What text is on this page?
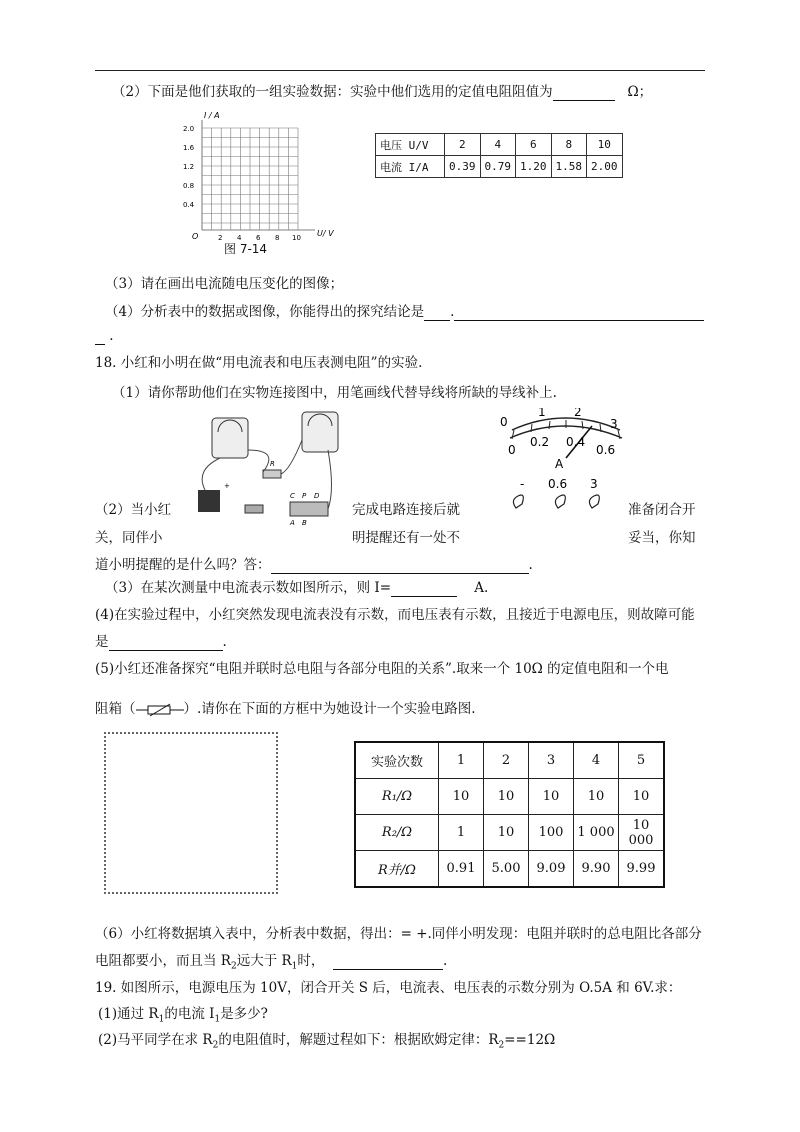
（2）下面是他们获取的一组实验数据：实验中他们选用的定值电阻阻值为	Ω；
I / A
U/ V
O
2.0
1.6
1.2
0.8
0.4
2 4 6 8 10
图 7-14
电压 U/V	2	4	6	8	10
电流 I/A	0.39	0.79	1.20	1.58	2.00
（3）请在画出电流随电压变化的图像；
（4）分析表中的数据或图像，你能得出的探究结论是 .
.
18. 小红和小明在做“用电流表和电压表测电阻”的实验.
（1）请你帮助他们在实物连接图中，用笔画线代替导线将所缺的导线补上.
R
C P D
A B
+
0
1 2
3
0
0.2 0.4
0.6
A
- 0.6 3
（2）当小红	完成电路连接后就	准备闭合开
关，同伴小	明提醒还有一处不	妥当，你知
道小明提醒的是什么吗？答：	.
（3）在某次测量中电流表示数如图所示，则 I=	A.
(4)在实验过程中，小红突然发现电流表没有示数，而电压表有示数，且接近于电源电压，则故障可能
是	.
(5)小红还准备探究“电阻并联时总电阻与各部分电阻的关系”.取来一个 10Ω 的定值电阻和一个电
阻箱（	）.请你在下面的方框中为她设计一个实验电路图.
实验次数	1	2	3	4	5
R₁/Ω	10	10	10	10	10
R₂/Ω	1	10	100	1 000	10 000
R并/Ω	0.91	5.00	9.09	9.90	9.99
（6）小红将数据填入表中，分析表中数据，得出：= +.同伴小明发现：电阻并联时的总电阻比各部分
电阻都要小，而且当 $R_2$远大于 $R_1$时，	.
19. 如图所示，电源电压为 10V，闭合开关 S 后，电流表、电压表的示数分别为 O.5A 和 6V.求：
(1)通过 $R_1$的电流 $I_1$是多少?
(2)马平同学在求 $R_2$的电阻值时，解题过程如下：根据欧姆定律：$R_2==12\Omega$
